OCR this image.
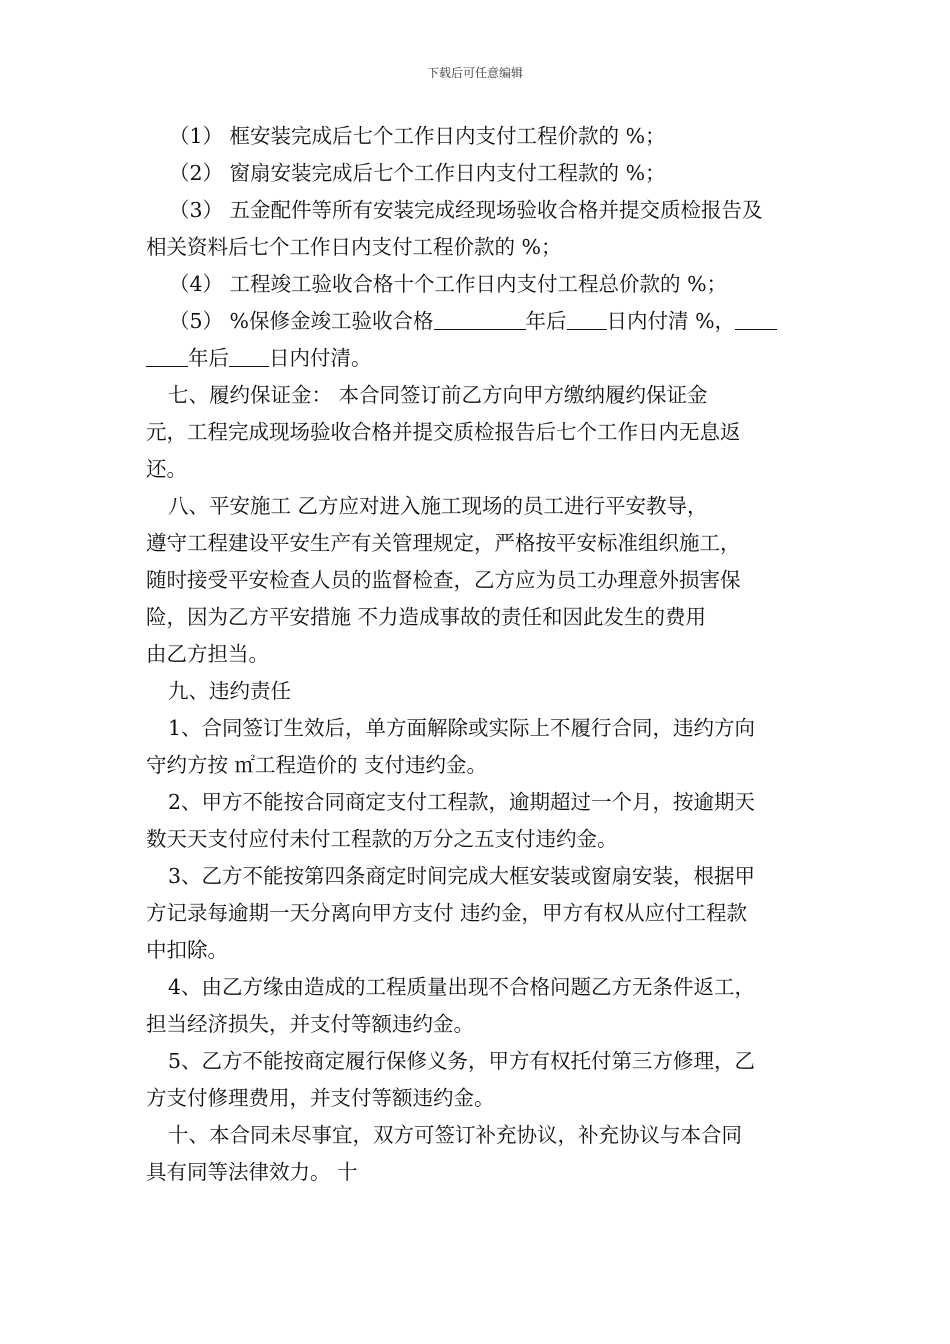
下载后可任意编辑
（1） 框安装完成后七个工作日内支付工程价款的 %；
（2） 窗扇安装完成后七个工作日内支付工程款的 %；
（3） 五金配件等所有安装完成经现场验收合格并提交质检报告及
相关资料后七个工作日内支付工程价款的 %；
（4） 工程竣工验收合格十个工作日内支付工程总价款的 %；
（5） %保修金竣工验收合格	年后 日内付清 %，
年后 日内付清。
七、履约保证金： 本合同签订前乙方向甲方缴纳履约保证金
元，工程完成现场验收合格并提交质检报告后七个工作日内无息返
还。
八、平安施工 乙方应对进入施工现场的员工进行平安教导，
遵守工程建设平安生产有关管理规定，严格按平安标准组织施工，
随时接受平安检查人员的监督检查，乙方应为员工办理意外损害保
险，因为乙方平安措施 不力造成事故的责任和因此发生的费用
由乙方担当。
九、违约责任
1、合同签订生效后，单方面解除或实际上不履行合同，违约方向
守约方按 ㎡工程造价的 支付违约金。
2、甲方不能按合同商定支付工程款，逾期超过一个月，按逾期天
数天天支付应付未付工程款的万分之五支付违约金。
3、乙方不能按第四条商定时间完成大框安装或窗扇安装，根据甲
方记录每逾期一天分离向甲方支付 违约金，甲方有权从应付工程款
中扣除。
4、由乙方缘由造成的工程质量出现不合格问题乙方无条件返工，
担当经济损失，并支付等额违约金。
5、乙方不能按商定履行保修义务，甲方有权托付第三方修理，乙
方支付修理费用，并支付等额违约金。
十、本合同未尽事宜，双方可签订补充协议，补充协议与本合同
具有同等法律效力。 十
